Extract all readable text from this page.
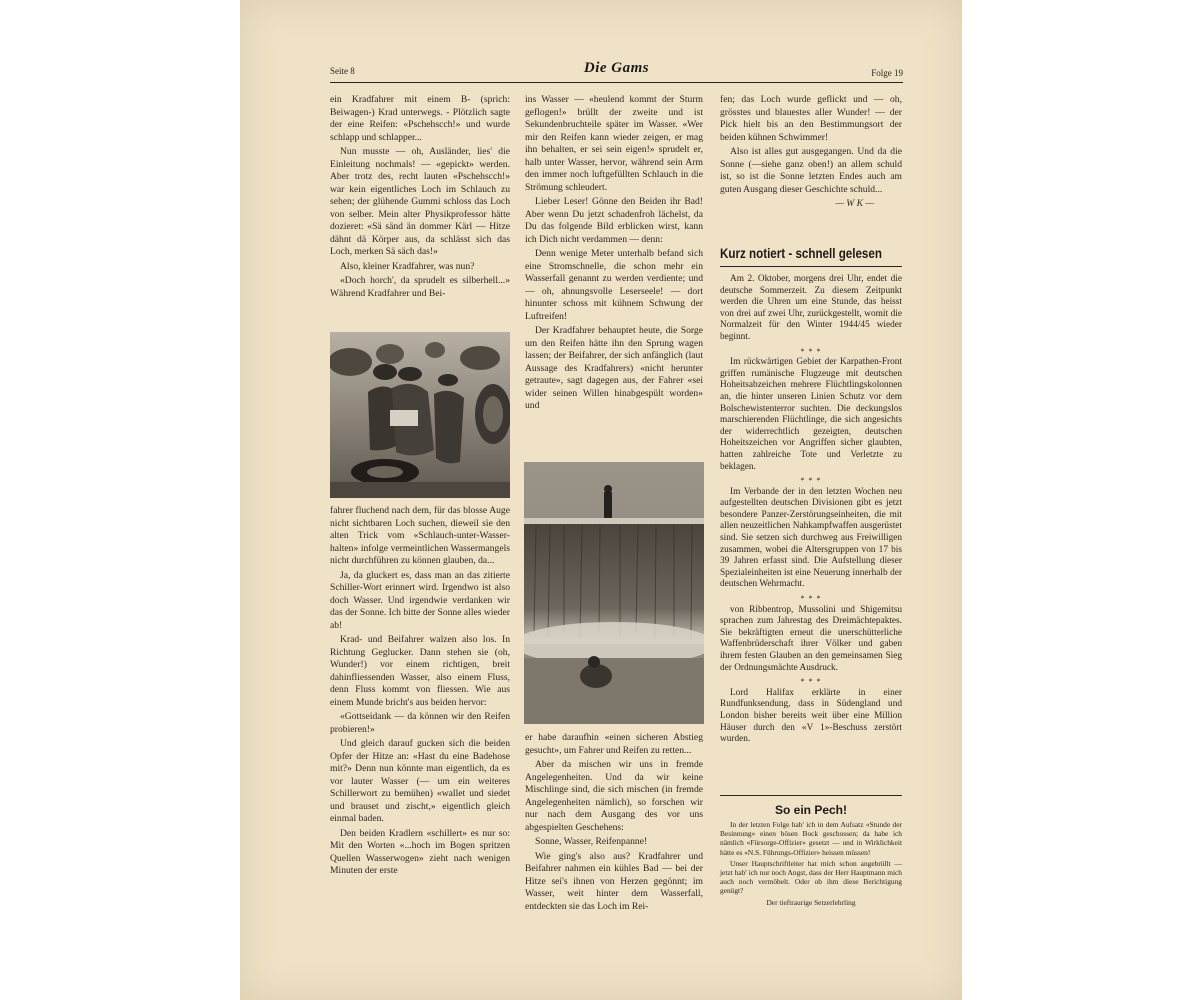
Seite 8	Die Gams	Folge 19

ein Kradfahrer mit einem B- (sprich: Beiwagen-) Krad unterwegs. - Plötzlich sagte der eine Reifen: «Pschehscch!» und wurde schlapp und schlapper...

Nun musste — oh, Ausländer, lies' die Einleitung nochmals! — «gepickt» werden. Aber trotz des, recht lauten «Pschehscch!» war kein eigentliches Loch im Schlauch zu sehen; der glühende Gummi schloss das Loch von selber. Mein alter Physikprofessor hätte dozieret: «Sä sänd än dommer Kärl — Hitze dähnt dä Körper aus, da schlässt sich das Loch, merken Sä säch das!»

Also, kleiner Kradfahrer, was nun?

«Doch horch', da sprudelt es silberhell...» Während Kradfahrer und Bei-

fahrer fluchend nach dem, für das blosse Auge nicht sichtbaren Loch suchen, dieweil sie den alten Trick vom «Schlauch-unter-Wasser-halten» infolge vermeintlichen Wassermangels nicht durchführen zu können glauben, da...

Ja, da gluckert es, dass man an das zitierte Schiller-Wort erinnert wird. Irgendwo ist also doch Wasser. Und irgendwie verdanken wir das der Sonne. Ich bitte der Sonne alles wieder ab!

Krad- und Beifahrer walzen also los. In Richtung Geglucker. Dann stehen sie (oh, Wunder!) vor einem richtigen, breit dahinfliessenden Wasser, also einem Fluss, denn Fluss kommt von fliessen. Wie aus einem Munde bricht's aus beiden hervor:

«Gottseidank — da können wir den Reifen probieren!»

Und gleich darauf gucken sich die beiden Opfer der Hitze an: «Hast du eine Badehose mit?» Denn nun könnte man eigentlich, da es vor lauter Wasser (— um ein weiteres Schillerwort zu bemühen) «wallet und siedet und brauset und zischt,» eigentlich gleich einmal baden.

Den beiden Kradlern «schillert» es nur so: Mit den Worten «...hoch im Bogen spritzen Quellen Wasserwogen» zieht nach wenigen Minuten der erste

ins Wasser — «heulend kommt der Sturm geflogen!» brüllt der zweite und ist Sekundenbruchteile später im Wasser. «Wer mir den Reifen kann wieder zeigen, er mag ihn behalten, er sei sein eigen!» sprudelt er, halb unter Wasser, hervor, während sein Arm den immer noch luftgefüllten Schlauch in die Strömung schleudert.

Lieber Leser! Gönne den Beiden ihr Bad! Aber wenn Du jetzt schadenfroh lächelst, da Du das folgende Bild erblicken wirst, kann ich Dich nicht verdammen — denn:

Denn wenige Meter unterhalb befand sich eine Stromschnelle, die schon mehr ein Wasserfall genannt zu werden verdiente; und — oh, ahnungsvolle Leserseele! — dort hinunter schoss mit kühnem Schwung der Luftreifen!

Der Kradfahrer behauptet heute, die Sorge um den Reifen hätte ihn den Sprung wagen lassen; der Beifahrer, der sich anfänglich (laut Aussage des Kradfahrers) «nicht herunter getraute», sagt dagegen aus, der Fahrer «sei wider seinen Willen hinabgespült worden» und

er habe daraufhin «einen sicheren Abstieg gesucht», um Fahrer und Reifen zu retten...

Aber da mischen wir uns in fremde Angelegenheiten. Und da wir keine Mischlinge sind, die sich mischen (in fremde Angelegenheiten nämlich), so forschen wir nur nach dem Ausgang des vor uns abgespielten Geschehens:

Sonne, Wasser, Reifenpanne!

Wie ging's also aus? Kradfahrer und Beifahrer nahmen ein kühles Bad — bei der Hitze sei's ihnen von Herzen gegönnt; im Wasser, weit hinter dem Wasserfall, entdeckten sie das Loch im Rei-

fen; das Loch wurde geflickt und — oh, grösstes und blauestes aller Wunder! — der Pick hielt bis an den Bestimmungsort der beiden kühnen Schwimmer!

Also ist alles gut ausgegangen. Und da die Sonne (—siehe ganz oben!) an allem schuld ist, so ist die Sonne letzten Endes auch am guten Ausgang dieser Geschichte schuld...

— W K —

Kurz notiert - schnell gelesen

Am 2. Oktober, morgens drei Uhr, endet die deutsche Sommerzeit. Zu diesem Zeitpunkt werden die Uhren um eine Stunde, das heisst von drei auf zwei Uhr, zurückgestellt, womit die Normalzeit für den Winter 1944/45 wieder beginnt.

* * *

Im rückwärtigen Gebiet der Karpathen-Front griffen rumänische Flugzeuge mit deutschen Hoheitsabzeichen mehrere Flüchtlingskolonnen an, die hinter unseren Linien Schutz vor dem Bolschewistenterror suchten. Die deckungslos marschierenden Flüchtlinge, die sich angesichts der widerrechtlich gezeigten, deutschen Hoheitszeichen vor Angriffen sicher glaubten, hatten zahlreiche Tote und Verletzte zu beklagen.

* * *

Im Verbande der in den letzten Wochen neu aufgestellten deutschen Divisionen gibt es jetzt besondere Panzer-Zerstörungseinheiten, die mit allen neuzeitlichen Nahkampfwaffen ausgerüstet sind. Sie setzen sich durchweg aus Freiwilligen zusammen, wobei die Altersgruppen von 17 bis 39 Jahren erfasst sind. Die Aufstellung dieser Spezialeinheiten ist eine Neuerung innerhalb der deutschen Wehrmacht.

* * *

von Ribbentrop, Mussolini und Shigemitsu sprachen zum Jahrestag des Dreimächtepaktes. Sie bekräftigten erneut die unerschütterliche Waffenbrüderschaft ihrer Völker und gaben ihrem festen Glauben an den gemeinsamen Sieg der Ordnungsmächte Ausdruck.

* * *

Lord Halifax erklärte in einer Rundfunksendung, dass in Südengland und London bisher bereits weit über eine Million Häuser durch den «V 1»-Beschuss zerstört wurden.

So ein Pech!

In der letzten Folge hab' ich in dem Aufsatz «Stunde der Besinnung» einen bösen Bock geschossen; da habe ich nämlich «Fürsorge-Offizier» gesetzt — und in Wirklichkeit hätte es «N.S. Führungs-Offizier» heissen müssen!

Unser Hauptschriftleiter hat mich schon angebrüllt — jetzt hab' ich nur noch Angst, dass der Herr Hauptmann mich auch noch vermöbelt. Oder ob ihm diese Berichtigung genügt?

Der tieftraurige Setzerlehrling
